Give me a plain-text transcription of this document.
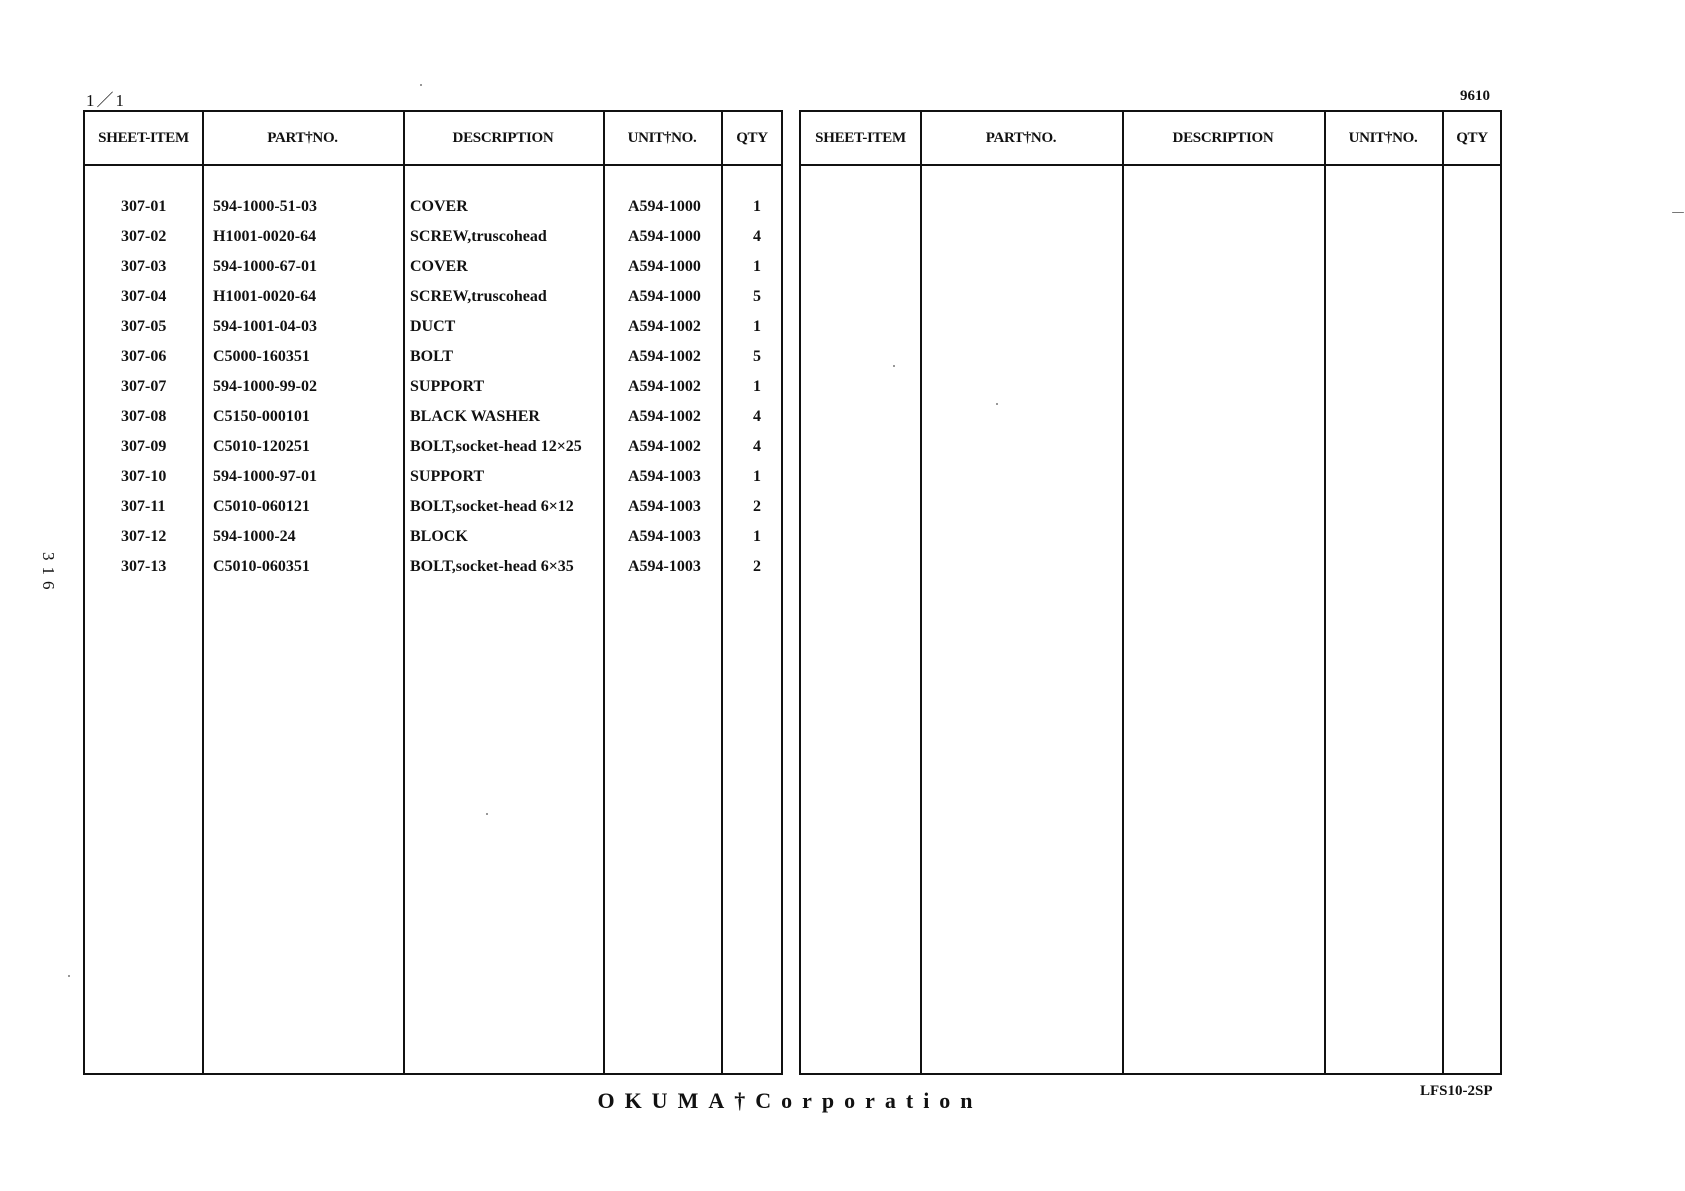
1／1	9610
316
SHEET-ITEM	PART†NO.	DESCRIPTION	UNIT†NO.	QTY
307-01	594-1000-51-03	COVER	A594-1000	1
307-02	H1001-0020-64	SCREW,truscohead	A594-1000	4
307-03	594-1000-67-01	COVER	A594-1000	1
307-04	H1001-0020-64	SCREW,truscohead	A594-1000	5
307-05	594-1001-04-03	DUCT	A594-1002	1
307-06	C5000-160351	BOLT	A594-1002	5
307-07	594-1000-99-02	SUPPORT	A594-1002	1
307-08	C5150-000101	BLACK WASHER	A594-1002	4
307-09	C5010-120251	BOLT,socket-head 12×25	A594-1002	4
307-10	594-1000-97-01	SUPPORT	A594-1003	1
307-11	C5010-060121	BOLT,socket-head 6×12	A594-1003	2
307-12	594-1000-24	BLOCK	A594-1003	1
307-13	C5010-060351	BOLT,socket-head 6×35	A594-1003	2
SHEET-ITEM	PART†NO.	DESCRIPTION	UNIT†NO.	QTY
OKUMA†Corporation	LFS10-2SP
